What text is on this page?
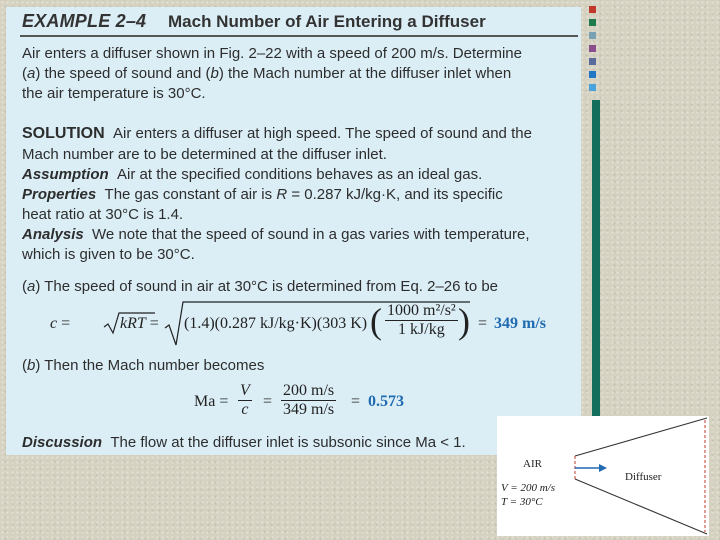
EXAMPLE 2–4 Mach Number of Air Entering a Diffuser
Air enters a diffuser shown in Fig. 2–22 with a speed of 200 m/s. Determine
(a) the speed of sound and (b) the Mach number at the diffuser inlet when
the air temperature is 30°C.
SOLUTION Air enters a diffuser at high speed. The speed of sound and the
Mach number are to be determined at the diffuser inlet.
Assumption Air at the specified conditions behaves as an ideal gas.
Properties The gas constant of air is R = 0.287 kJ/kg·K, and its specific
heat ratio at 30°C is 1.4.
Analysis We note that the speed of sound in a gas varies with temperature,
which is given to be 30°C.
(a) The speed of sound in air at 30°C is determined from Eq. 2–26 to be
c =	kRT = (1.4)(0.287 kJ/kg·K)(303 K) ( $\frac{\text{1000 m²/s²}}{1 kJ/kg}$ ) = 349 m/s
(b) Then the Mach number becomes
$Ma = \frac{V}{c} = \frac{200 m/s}{349 m/s} = 0.573$
Discussion The flow at the diffuser inlet is subsonic since Ma < 1.
AIR
Diffuser
V = 200 m/s
T = 30°C
